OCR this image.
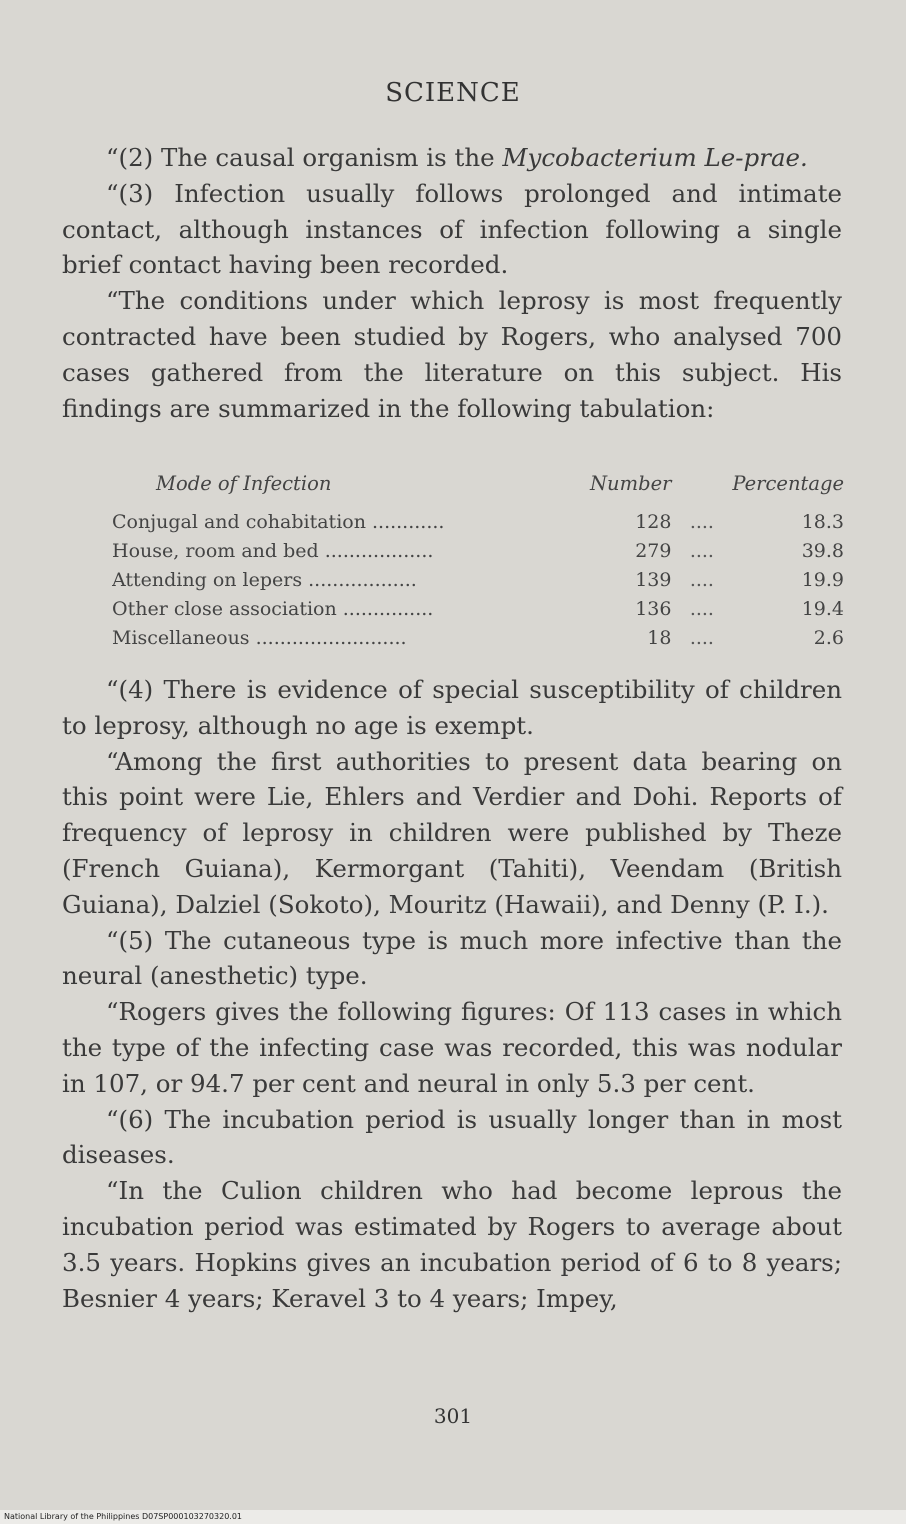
SCIENCE

“(2) The causal organism is the Mycobacterium Le-prae.

“(3) Infection usually follows prolonged and intimate contact, although instances of infection following a single brief contact having been recorded.

“The conditions under which leprosy is most frequently contracted have been studied by Rogers, who analysed 700 cases gathered from the literature on this subject. His findings are summarized in the following tabulation:

Mode of Infection	Number		Percentage
Conjugal and cohabitation ............	128	....	18.3
House, room and bed ..................	279	....	39.8
Attending on lepers ..................	139	....	19.9
Other close association ...............	136	....	19.4
Miscellaneous .........................	18	....	2.6

“(4) There is evidence of special susceptibility of children to leprosy, although no age is exempt.

“Among the first authorities to present data bearing on this point were Lie, Ehlers and Verdier and Dohi. Reports of frequency of leprosy in children were published by Theze (French Guiana), Kermorgant (Tahiti), Veendam (British Guiana), Dalziel (Sokoto), Mouritz (Hawaii), and Denny (P. I.).

“(5) The cutaneous type is much more infective than the neural (anesthetic) type.

“Rogers gives the following figures: Of 113 cases in which the type of the infecting case was recorded, this was nodular in 107, or 94.7 per cent and neural in only 5.3 per cent.

“(6) The incubation period is usually longer than in most diseases.

“In the Culion children who had become leprous the incubation period was estimated by Rogers to average about 3.5 years. Hopkins gives an incubation period of 6 to 8 years; Besnier 4 years; Keravel 3 to 4 years; Impey,

301
National Library of the Philippines D07SP000103270320.01
